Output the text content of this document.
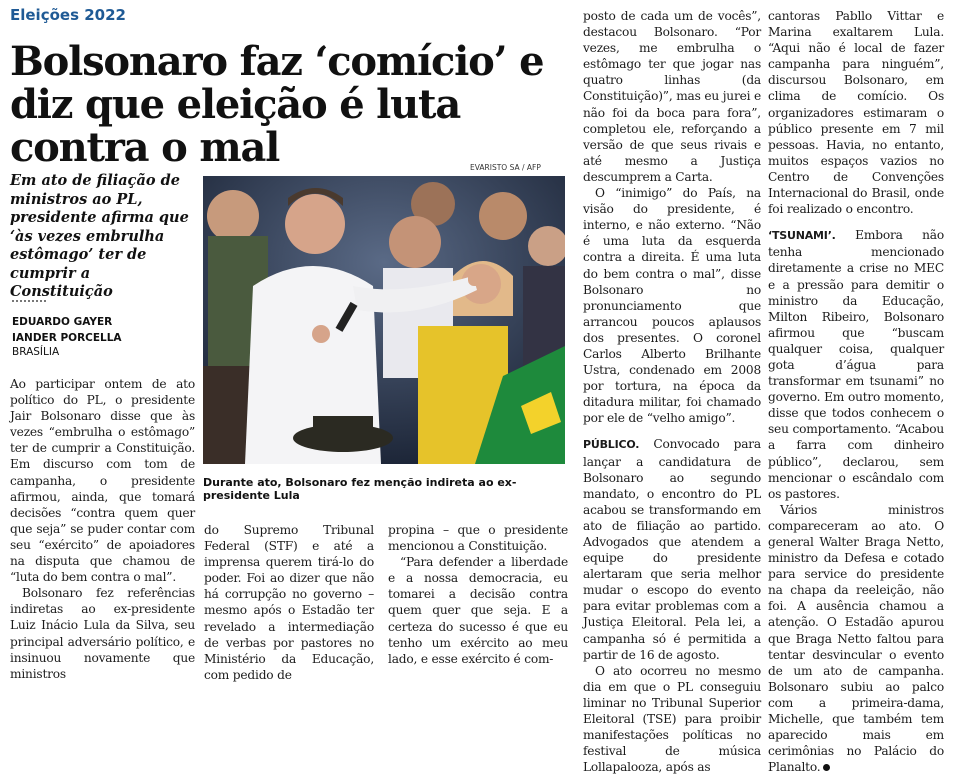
Eleições 2022
Bolsonaro faz ‘comício’ e diz que eleição é luta contra o mal
Em ato de filiação de ministros ao PL, presidente afirma que ‘às vezes embrulha estômago’ ter de cumprir a Constituição
EDUARDO GAYER
IANDER PORCELLA
BRASÍLIA
EVARISTO SA / AFP
Durante ato, Bolsonaro fez menção indireta ao ex-presidente Lula

Ao participar ontem de ato político do PL, o presidente Jair Bolsonaro disse que às vezes “embrulha o estômago” ter de cumprir a Constituição. Em discurso com tom de campanha, o presidente afirmou, ainda, que tomará decisões “contra quem quer que seja” se puder contar com seu “exército” de apoiadores na disputa que chamou de “luta do bem contra o mal”.

Bolsonaro fez referências indiretas ao ex-presidente Luiz Inácio Lula da Silva, seu principal adversário político, e insinuou novamente que ministros

do Supremo Tribunal Federal (STF) e até a imprensa querem tirá-lo do poder. Foi ao dizer que não há corrupção no governo – mesmo após o Estadão ter revelado a intermediação de verbas por pastores no Ministério da Educação, com pedido de

propina – que o presidente mencionou a Constituição.

“Para defender a liberdade e a nossa democracia, eu tomarei a decisão contra quem quer que seja. E a certeza do sucesso é que eu tenho um exército ao meu lado, e esse exército é com-

posto de cada um de vocês”, destacou Bolsonaro. “Por vezes, me embrulha o estômago ter que jogar nas quatro linhas (da Constituição)”, mas eu jurei e não foi da boca para fora”, completou ele, reforçando a versão de que seus rivais e até mesmo a Justiça descumprem a Carta.

O “inimigo” do País, na visão do presidente, é interno, e não externo. “Não é uma luta da esquerda contra a direita. É uma luta do bem contra o mal”, disse Bolsonaro no pronunciamento que arrancou poucos aplausos dos presentes. O coronel Carlos Alberto Brilhante Ustra, condenado em 2008 por tortura, na época da ditadura militar, foi chamado por ele de “velho amigo”.

PÚBLICO. Convocado para lançar a candidatura de Bolsonaro ao segundo mandato, o encontro do PL acabou se transformando em ato de filiação ao partido. Advogados que atendem a equipe do presidente alertaram que seria melhor mudar o escopo do evento para evitar problemas com a Justiça Eleitoral. Pela lei, a campanha só é permitida a partir de 16 de agosto.

O ato ocorreu no mesmo dia em que o PL conseguiu liminar no Tribunal Superior Eleitoral (TSE) para proibir manifestações políticas no festival de música Lollapalooza, após as

cantoras Pabllo Vittar e Marina exaltarem Lula. “Aqui não é local de fazer campanha para ninguém”, discursou Bolsonaro, em clima de comício. Os organizadores estimaram o público presente em 7 mil pessoas. Havia, no entanto, muitos espaços vazios no Centro de Convenções Internacional do Brasil, onde foi realizado o encontro.

‘TSUNAMI’. Embora não tenha mencionado diretamente a crise no MEC e a pressão para demitir o ministro da Educação, Milton Ribeiro, Bolsonaro afirmou que “buscam qualquer coisa, qualquer gota d’água para transformar em tsunami” no governo. Em outro momento, disse que todos conhecem o seu comportamento. “Acabou a farra com dinheiro público”, declarou, sem mencionar o escândalo com os pastores.

Vários ministros compareceram ao ato. O general Walter Braga Netto, ministro da Defesa e cotado para service do presidente na chapa da reeleição, não foi. A ausência chamou a atenção. O Estadão apurou que Braga Netto faltou para tentar desvincular o evento de um ato de campanha. Bolsonaro subiu ao palco com a primeira-dama, Michelle, que também tem aparecido mais em cerimônias no Palácio do Planalto.
